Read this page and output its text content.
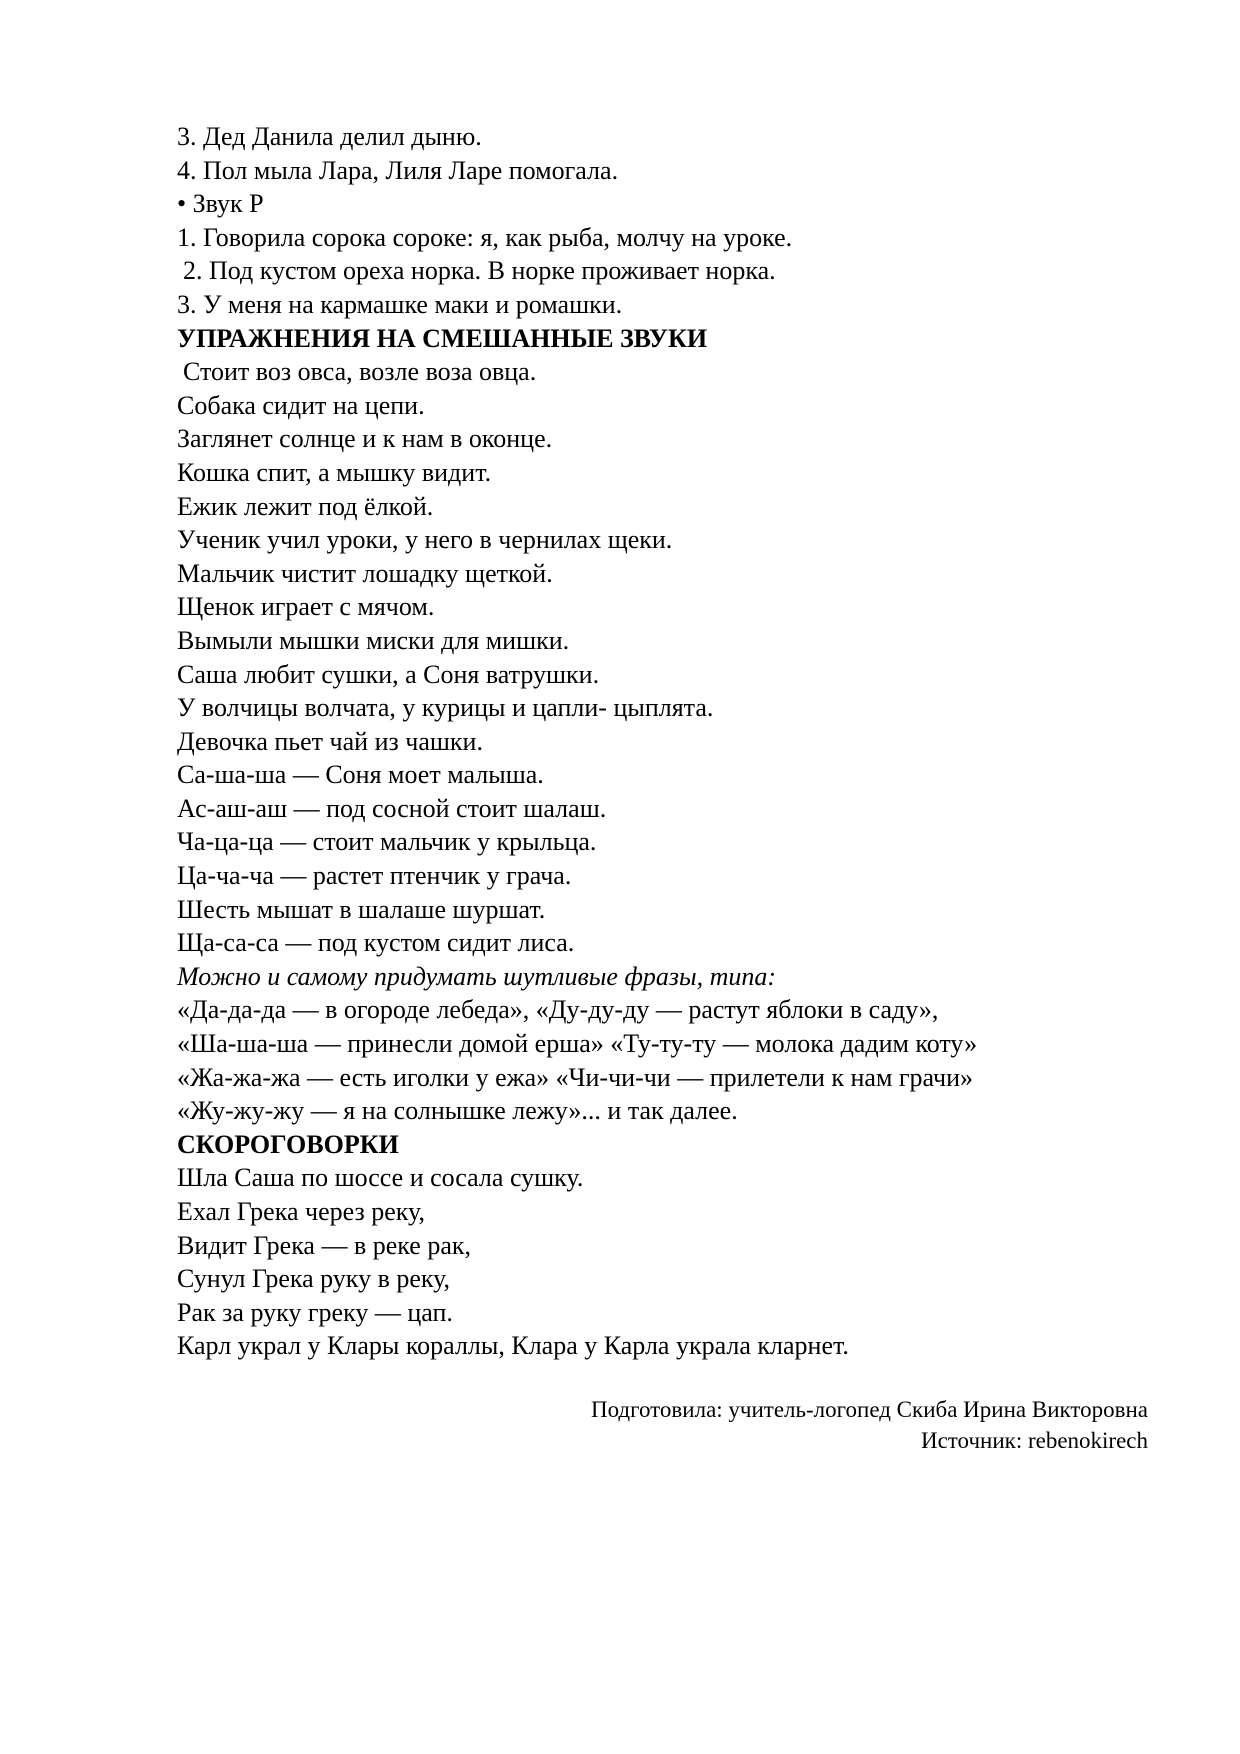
3. Дед Данила делил дыню.

4. Пол мыла Лара, Лиля Ларе помогала.

• Звук Р

1. Говорила сорока сороке: я, как рыба, молчу на уроке.

2. Под кустом ореха норка. В норке проживает норка.

3. У меня на кармашке маки и ромашки.

УПРАЖНЕНИЯ НА СМЕШАННЫЕ ЗВУКИ

Стоит воз овса, возле воза овца.

Собака сидит на цепи.

Заглянет солнце и к нам в оконце.

Кошка спит, а мышку видит.

Ежик лежит под ёлкой.

Ученик учил уроки, у него в чернилах щеки.

Мальчик чистит лошадку щеткой.

Щенок играет с мячом.

Вымыли мышки миски для мишки.

Саша любит сушки, а Соня ватрушки.

У волчицы волчата, у курицы и цапли- цыплята.

Девочка пьет чай из чашки.

Са-ша-ша — Соня моет малыша.

Ас-аш-аш — под сосной стоит шалаш.

Ча-ца-ца — стоит мальчик у крыльца.

Ца-ча-ча — растет птенчик у грача.

Шесть мышат в шалаше шуршат.

Ща-са-са — под кустом сидит лиса.

Можно и самому придумать шутливые фразы, типа:

«Да-да-да — в огороде лебеда», «Ду-ду-ду — растут яблоки в саду»,

«Ша-ша-ша — принесли домой ерша» «Ту-ту-ту — молока дадим коту»

«Жа-жа-жа — есть иголки у ежа» «Чи-чи-чи — прилетели к нам грачи»

«Жу-жу-жу — я на солнышке лежу»... и так далее.

СКОРОГОВОРКИ

Шла Саша по шоссе и сосала сушку.

Ехал Грека через реку,

Видит Грека — в реке рак,

Сунул Грека руку в реку,

Рак за руку греку — цап.

Карл украл у Клары кораллы, Клара у Карла украла кларнет.

Подготовила: учитель-логопед Скиба Ирина Викторовна
Источник: rebenokirech
